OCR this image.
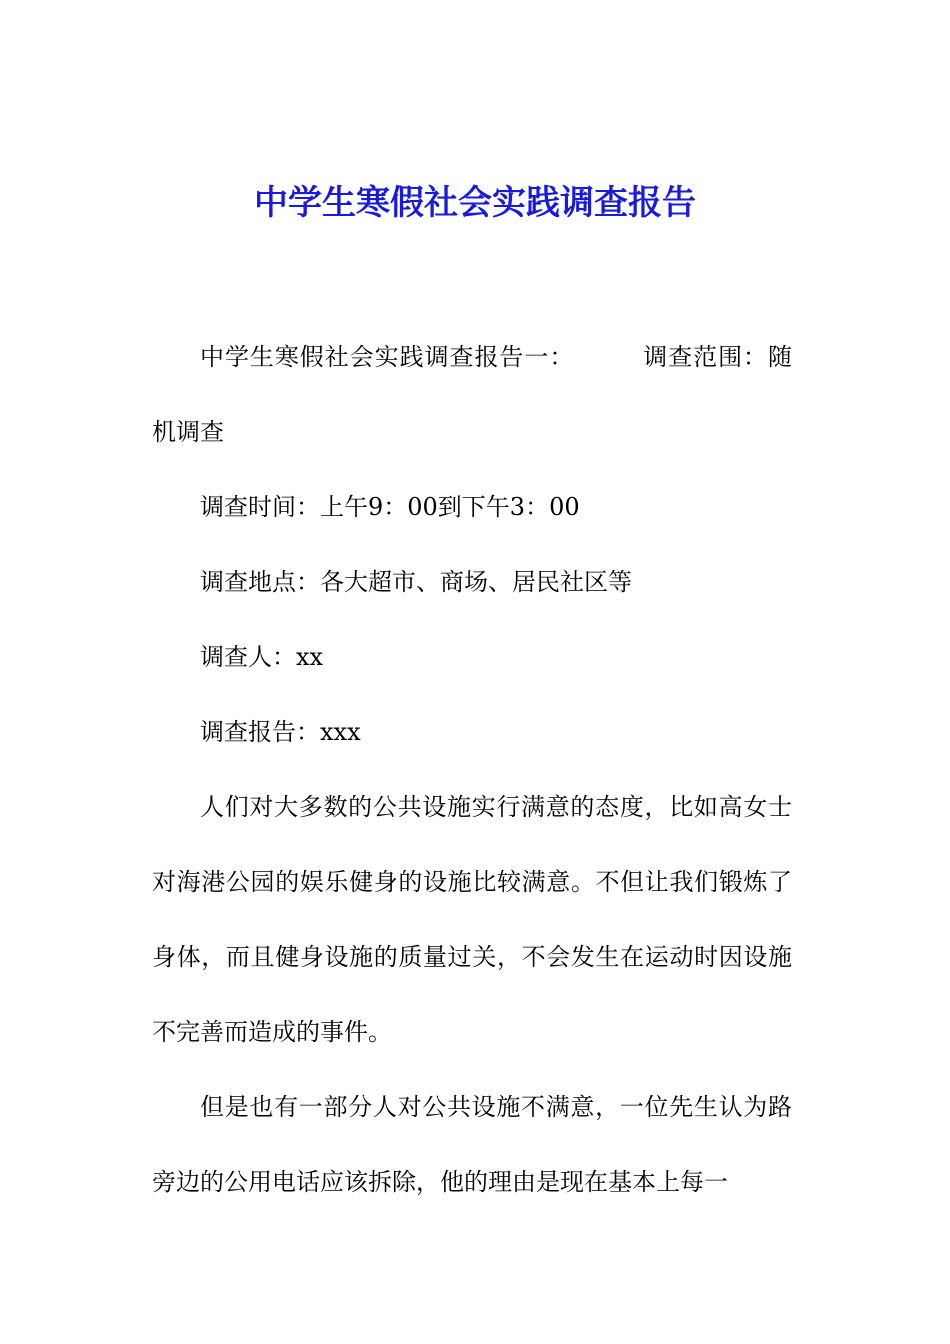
中学生寒假社会实践调查报告

中学生寒假社会实践调查报告一：	调查范围：随机调查

调查时间：上午9：00到下午3：00

调查地点：各大超市、商场、居民社区等

调查人：xx

调查报告：xxx

人们对大多数的公共设施实行满意的态度，比如高女士对海港公园的娱乐健身的设施比较满意。不但让我们锻炼了身体，而且健身设施的质量过关，不会发生在运动时因设施不完善而造成的事件。

但是也有一部分人对公共设施不满意，一位先生认为路旁边的公用电话应该拆除，他的理由是现在基本上每一
